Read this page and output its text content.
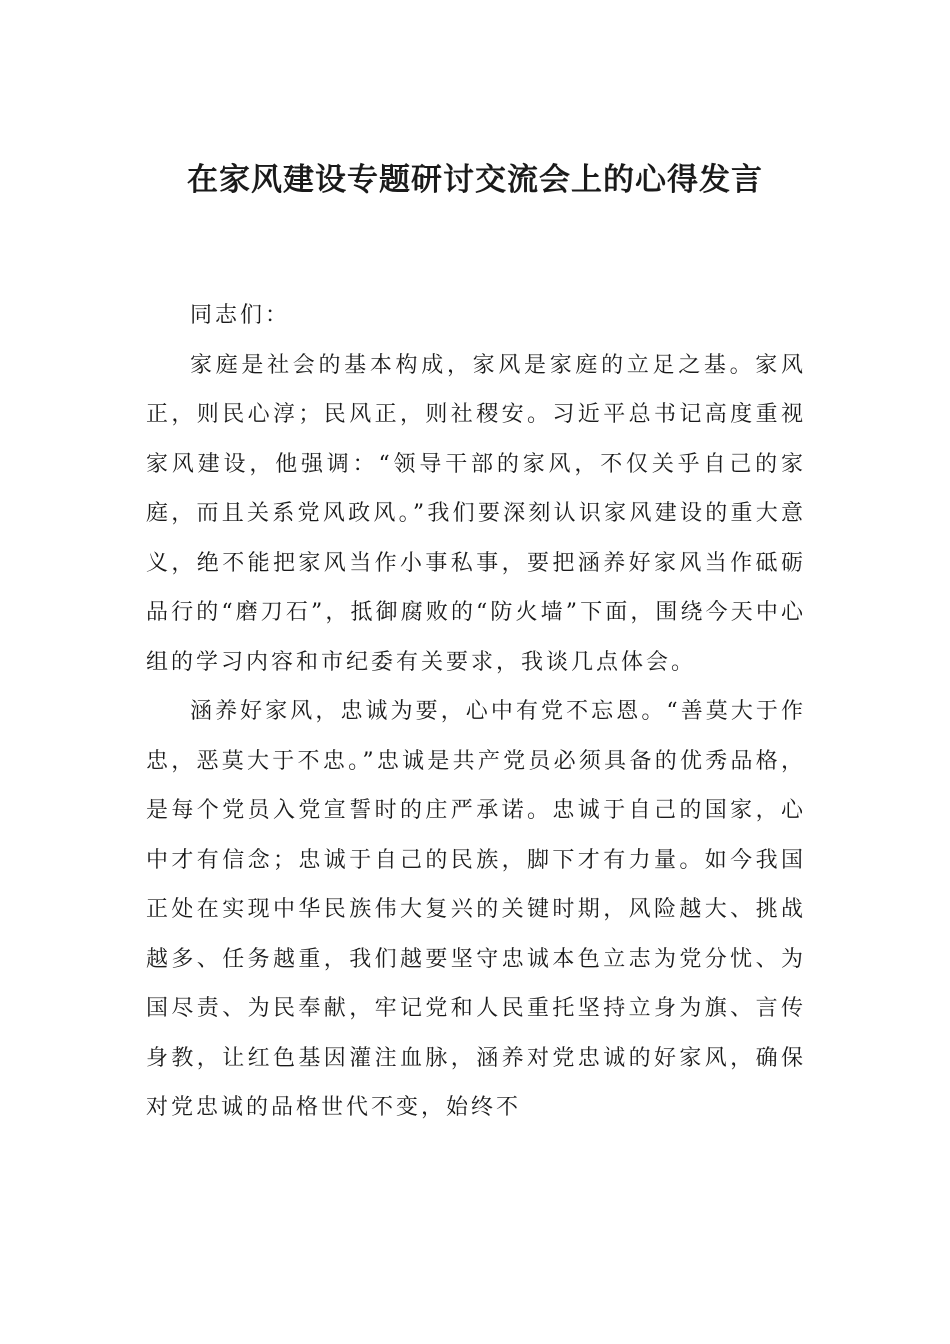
在家风建设专题研讨交流会上的心得发言

同志们：

家庭是社会的基本构成，家风是家庭的立足之基。家风正，则民心淳；民风正，则社稷安。习近平总书记高度重视家风建设，他强调：“领导干部的家风，不仅关乎自己的家庭，而且关系党风政风。”我们要深刻认识家风建设的重大意义，绝不能把家风当作小事私事，要把涵养好家风当作砥砺品行的“磨刀石”，抵御腐败的“防火墙”下面，围绕今天中心组的学习内容和市纪委有关要求，我谈几点体会。

涵养好家风，忠诚为要，心中有党不忘恩。“善莫大于作忠，恶莫大于不忠。”忠诚是共产党员必须具备的优秀品格，是每个党员入党宣誓时的庄严承诺。忠诚于自己的国家，心中才有信念；忠诚于自己的民族，脚下才有力量。如今我国正处在实现中华民族伟大复兴的关键时期，风险越大、挑战越多、任务越重，我们越要坚守忠诚本色立志为党分忧、为国尽责、为民奉献，牢记党和人民重托坚持立身为旗、言传身教，让红色基因灌注血脉，涵养对党忠诚的好家风，确保对党忠诚的品格世代不变，始终不
